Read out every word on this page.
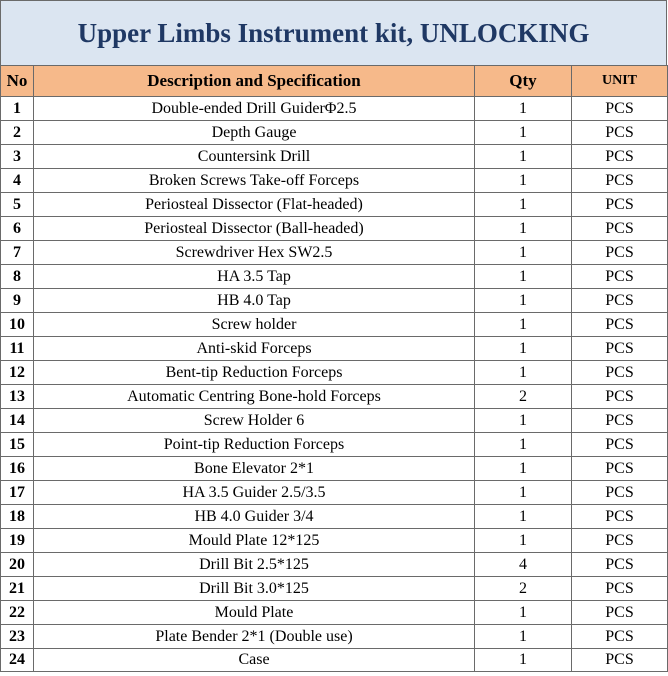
Upper Limbs Instrument kit, UNLOCKING
No	Description and Specification	Qty	UNIT
1	Double-ended Drill GuiderΦ2.5	1	PCS
2	Depth Gauge	1	PCS
3	Countersink Drill	1	PCS
4	Broken Screws Take-off Forceps	1	PCS
5	Periosteal Dissector (Flat-headed)	1	PCS
6	Periosteal Dissector (Ball-headed)	1	PCS
7	Screwdriver Hex SW2.5	1	PCS
8	HA 3.5 Tap	1	PCS
9	HB 4.0 Tap	1	PCS
10	Screw holder	1	PCS
11	Anti-skid Forceps	1	PCS
12	Bent-tip Reduction Forceps	1	PCS
13	Automatic Centring Bone-hold Forceps	2	PCS
14	Screw Holder 6	1	PCS
15	Point-tip Reduction Forceps	1	PCS
16	Bone Elevator 2*1	1	PCS
17	HA 3.5 Guider 2.5/3.5	1	PCS
18	HB 4.0 Guider 3/4	1	PCS
19	Mould Plate 12*125	1	PCS
20	Drill Bit 2.5*125	4	PCS
21	Drill Bit 3.0*125	2	PCS
22	Mould Plate	1	PCS
23	Plate Bender 2*1 (Double use)	1	PCS
24	Case	1	PCS
